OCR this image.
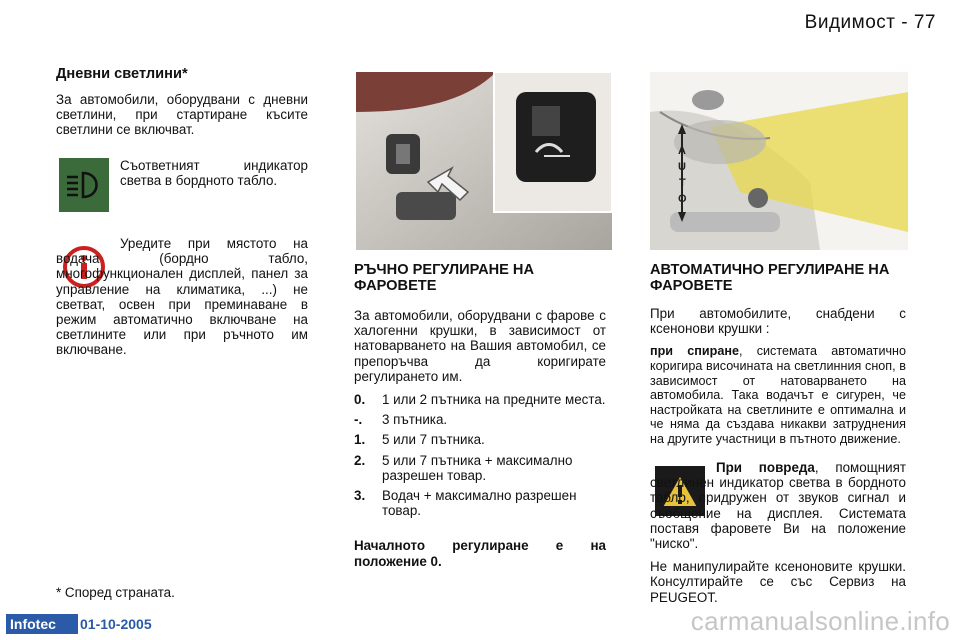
Видимост - 77
Дневни светлини*

За автомобили, оборудвани с дневни светлини, при стартиране късите светлини се включват.

Съответният индикатор светва в бордното табло.

Уредите при мястото на водача (бордно табло, многофункционален дисплей, панел за управление на климатика, ...) не светват, освен при преминаване в режим автоматично включване на светлините или при ръчното им включване.

* Според страната.

РЪЧНО РЕГУЛИРАНЕ НА ФАРОВЕТЕ

За автомобили, оборудвани с фарове с халогенни крушки, в зависимост от натоварването на Вашия автомобил, се препоръчва да коригирате регулирането им.

0.	1 или 2 пътника на предните места.
-.	3 пътника.
1.	5 или 7 пътника.
2.	5 или 7 пътника + максимално разрешен товар.
3.	Водач + максимално разрешен товар.

Началното регулиране е на положение 0.

A
U
T
O
АВТОМАТИЧНО РЕГУЛИРАНЕ НА ФАРОВЕТЕ

При автомобилите, снабдени с ксенонови крушки :

при спиране, системата автоматично коригира височината на светлинния сноп, в зависимост от натоварването на автомобила. Така водачът е сигурен, че настройката на светлините е оптимална и че няма да създава никакви затруднения на другите участници в пътното движение.

При повреда, помощният светлинен индикатор светва в бордното табло, придружен от звуков сигнал и съобщение на дисплея. Системата поставя фаровете Ви на положение "ниско".

Не манипулирайте ксеноновите крушки. Консултирайте се със Сервиз на PEUGEOT.

Infotec	01-10-2005	carmanualsonline.info
